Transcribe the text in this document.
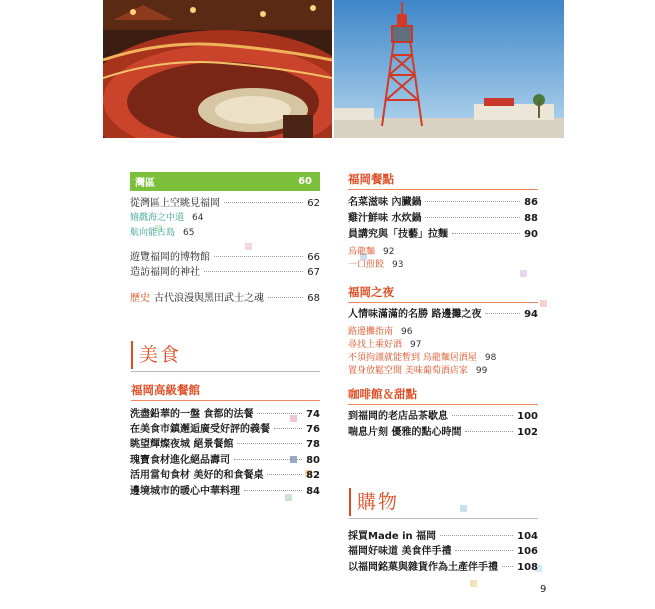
灣區	60
從灣區上空眺見福岡	62
嬉戲海之中道 64
航向能古島 65
遊覽福岡的博物館	66
造訪福岡的神社	67
歷史 古代浪漫與黑田武士之魂	68
美食
福岡高級餐館
洗盡鉛華的一盤 食都的法餐	74
在美食市鎮邂逅廣受好評的義餐	76
眺望輝燦夜城 絕景餐館	78
瑰寶食材進化絕品壽司	80
活用當旬食材 美好的和食餐桌	82
邊境城市的暖心中華料理	84
福岡餐點
名菜滋味 內臟鍋	86
雞汁鮮味 水炊鍋	88
員講究與「技藝」拉麵	90
烏龍麵 92
一口煎餃 93
福岡之夜
人情味滿滿的名勝 路邊攤之夜	94
路邊攤指南 96
尋找上乘好酒 97
不須拘謹就能暫到 烏龍麵居酒屋 98
置身放鬆空間 美味葡萄酒店家 99
咖啡館＆甜點
到福岡的老店品茶歇息	100
喘息片刻 優雅的點心時間	102
購物
採買Made in 福岡	104
福岡好味道 美食伴手禮	106
以福岡銘菓與雜貨作為土產伴手禮 108
9
